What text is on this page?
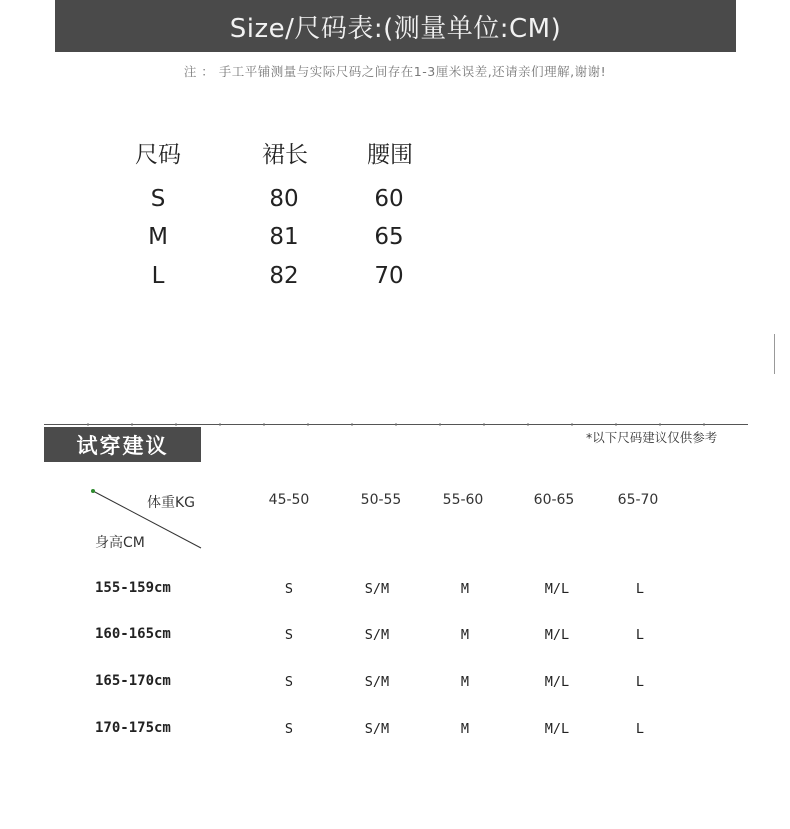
Size/尺码表:(测量单位:CM)
注 ： 手工平铺测量与实际尺码之间存在1-3厘米误差,还请亲们理解,谢谢!
尺码	裙长	腰围
S	80	60
M	81	65
L	82	70
试穿建议	*以下尺码建议仅供参考
体重KG
身高CM
45-50	50-55	55-60	60-65	65-70
155-159cm	S	S/M	M	M/L	L
160-165cm	S	S/M	M	M/L	L
165-170cm	S	S/M	M	M/L	L
170-175cm	S	S/M	M	M/L	L
